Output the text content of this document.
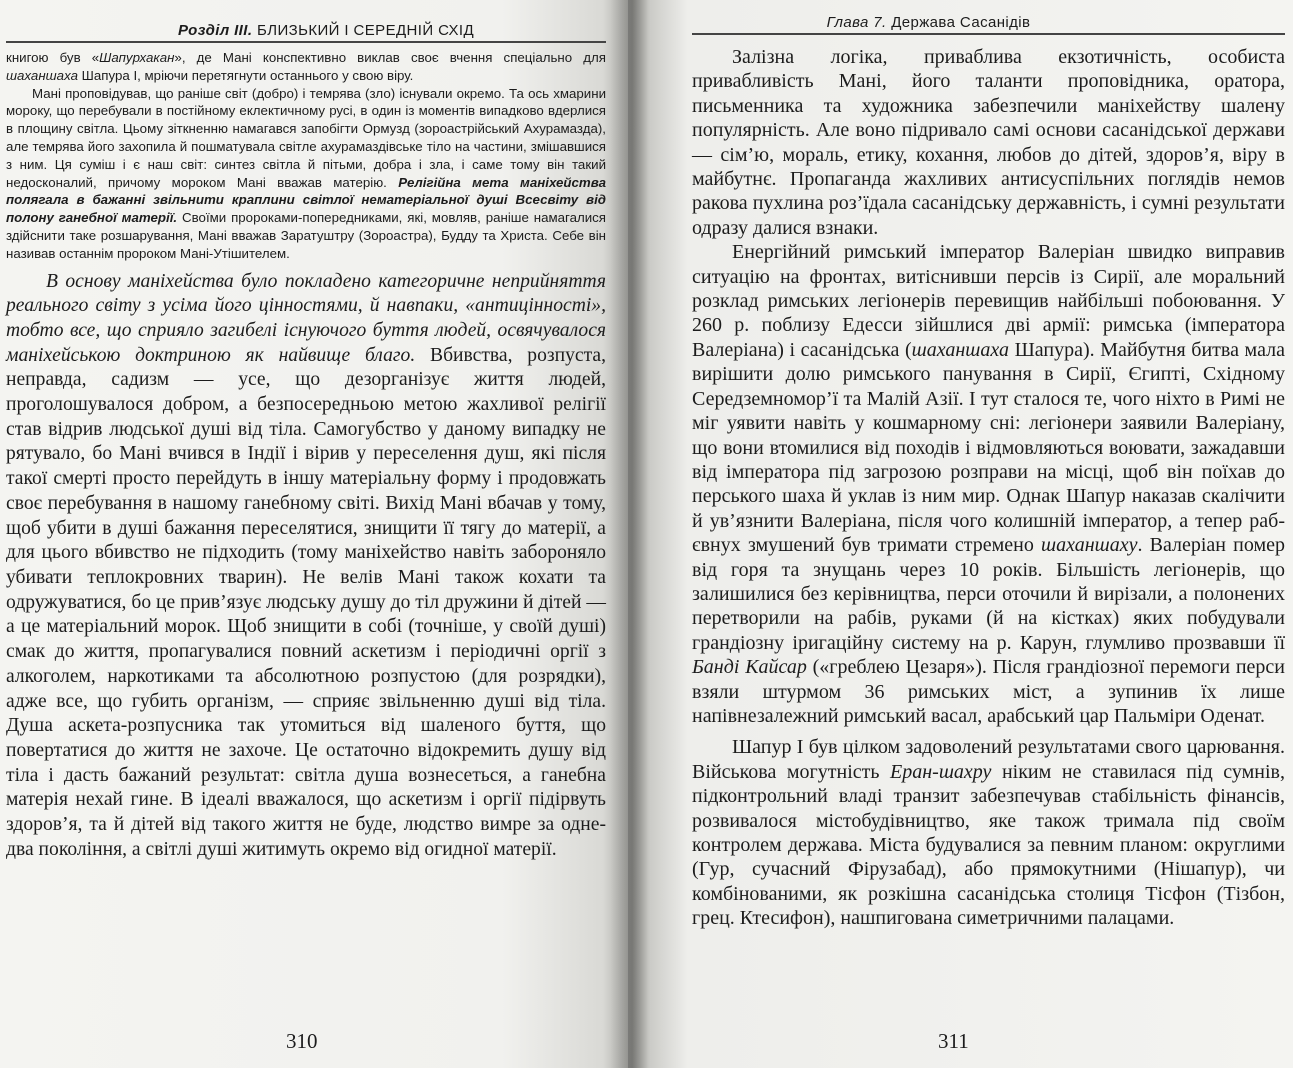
Розділ III. БЛИЗЬКИЙ І СЕРЕДНІЙ СХІД

книгою був «Шапурхакан», де Мані конспективно виклав своє вчення спеціально для шаханшаха Шапура І, мріючи перетягнути останнього у свою віру.

Мані проповідував, що раніше світ (добро) і темрява (зло) існували окремо. Та ось хмарини мороку, що перебували в постійному еклектичному русі, в один із моментів випадково вдерлися в площину світла. Цьому зіткненню намагався запобігти Ормузд (зороастрійський Ахурамазда), але темрява його захопила й пошматувала світле ахурамаздівське тіло на частини, змішавшися з ним. Ця суміш і є наш світ: синтез світла й пітьми, добра і зла, і саме тому він такий недосконалий, причому мороком Мані вважав матерію. Релігійна мета маніхейства полягала в бажанні звільнити краплини світлої нематеріальної душі Всесвіту від полону ганебної матерії. Своїми пророками-попередниками, які, мовляв, раніше намагалися здійснити таке розшарування, Мані вважав Заратуштру (Зороастра), Будду та Христа. Себе він називав останнім пророком Мані-Утішителем.

В основу маніхейства було покладено категоричне неприйняття реального світу з усіма його цінностями, й навпаки, «антицінності», тобто все, що сприяло загибелі існуючого буття людей, освячувалося маніхейською доктриною як найвище благо. Вбивства, розпуста, неправда, садизм — усе, що дезорганізує життя людей, проголошувалося добром, а безпосередньою метою жахливої релігії став відрив людської душі від тіла. Самогубство у даному випадку не рятувало, бо Мані вчився в Індії і вірив у переселення душ, які після такої смерті просто перейдуть в іншу матеріальну форму і продовжать своє перебування в нашому ганебному світі. Вихід Мані вбачав у тому, щоб убити в душі бажання переселятися, знищити її тягу до матерії, а для цього вбивство не підходить (тому маніхейство навіть забороняло убивати теплокровних тварин). Не велів Мані також кохати та одружуватися, бо це прив’язує людську душу до тіл дружини й дітей — а це матеріальний морок. Щоб знищити в собі (точніше, у своїй душі) смак до життя, пропагувалися повний аскетизм і періодичні оргії з алкоголем, наркотиками та абсолютною розпустою (для розрядки), адже все, що губить організм, — сприяє звільненню душі від тіла. Душа аскета-розпусника так утомиться від шаленого буття, що повертатися до життя не захоче. Це остаточно відокремить душу від тіла і дасть бажаний результат: світла душа вознесеться, а ганебна матерія нехай гине. В ідеалі вважалося, що аскетизм і оргії підірвуть здоров’я, та й дітей від такого життя не буде, людство вимре за одне-два покоління, а світлі душі житимуть окремо від огидної матерії.

310
Глава 7. Держава Сасанідів

Залізна логіка, приваблива екзотичність, особиста привабливість Мані, його таланти проповідника, оратора, письменника та художника забезпечили маніхейству шалену популярність. Але воно підривало самі основи сасанідської держави — сім’ю, мораль, етику, кохання, любов до дітей, здоров’я, віру в майбутнє. Пропаганда жахливих антисуспільних поглядів немов ракова пухлина роз’їдала сасанідську державність, і сумні результати одразу далися взнаки.

Енергійний римський імператор Валеріан швидко виправив ситуацію на фронтах, витіснивши персів із Сирії, але моральний розклад римських легіонерів перевищив найбільші побоювання. У 260 р. поблизу Едесси зійшлися дві армії: римська (імператора Валеріана) і сасанідська (шаханшаха Шапура). Майбутня битва мала вирішити долю римського панування в Сирії, Єгипті, Східному Середземномор’ї та Малій Азії. І тут сталося те, чого ніхто в Римі не міг уявити навіть у кошмарному сні: легіонери заявили Валеріану, що вони втомилися від походів і відмовляються воювати, зажадавши від імператора під загрозою розправи на місці, щоб він поїхав до перського шаха й уклав із ним мир. Однак Шапур наказав скалічити й ув’язнити Валеріана, після чого колишній імператор, а тепер раб-євнух змушений був тримати стремено шаханшаху. Валеріан помер від горя та знущань через 10 років. Більшість легіонерів, що залишилися без керівництва, перси оточили й вирізали, а полонених перетворили на рабів, руками (й на кістках) яких побудували грандіозну іригаційну систему на р. Карун, глумливо прозвавши її Банді Кайсар («греблею Цезаря»). Після грандіозної перемоги перси взяли штурмом 36 римських міст, а зупинив їх лише напівнезалежний римський васал, арабський цар Пальміри Оденат.

Шапур І був цілком задоволений результатами свого царювання. Військова могутність Еран-шахру ніким не ставилася під сумнів, підконтрольний владі транзит забезпечував стабільність фінансів, розвивалося містобудівництво, яке також тримала під своїм контролем держава. Міста будувалися за певним планом: округлими (Гур, сучасний Фірузабад), або прямокутними (Нішапур), чи комбінованими, як розкішна сасанідська столиця Тісфон (Тізбон, грец. Ктесифон), нашпигована симетричними палацами.

311
